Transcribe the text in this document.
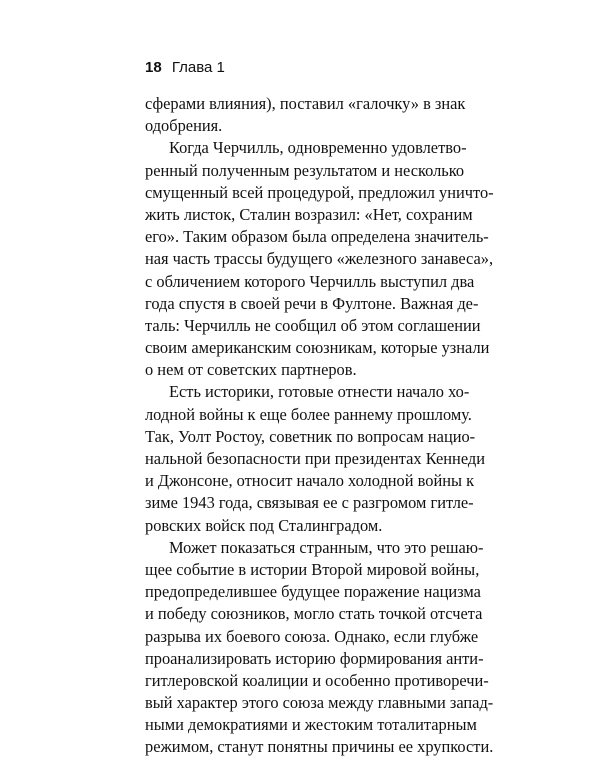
18 Глава 1
сферами влияния), поставил «галочку» в знак
одобрения.
Когда Черчилль, одновременно удовлетво-
ренный полученным результатом и несколько
смущенный всей процедурой, предложил уничто-
жить листок, Сталин возразил: «Нет, сохраним
его». Таким образом была определена значитель-
ная часть трассы будущего «железного занавеса»,
с обличением которого Черчилль выступил два
года спустя в своей речи в Фултоне. Важная де-
таль: Черчилль не сообщил об этом соглашении
своим американским союзникам, которые узнали
о нем от советских партнеров.
Есть историки, готовые отнести начало хо-
лодной войны к еще более раннему прошлому.
Так, Уолт Ростоу, советник по вопросам нацио-
нальной безопасности при президентах Кеннеди
и Джонсоне, относит начало холодной войны к
зиме 1943 года, связывая ее с разгромом гитле-
ровских войск под Сталинградом.
Может показаться странным, что это решаю-
щее событие в истории Второй мировой войны,
предопределившее будущее поражение нацизма
и победу союзников, могло стать точкой отсчета
разрыва их боевого союза. Однако, если глубже
проанализировать историю формирования анти-
гитлеровской коалиции и особенно противоречи-
вый характер этого союза между главными запад-
ными демократиями и жестоким тоталитарным
режимом, станут понятны причины ее хрупкости.
